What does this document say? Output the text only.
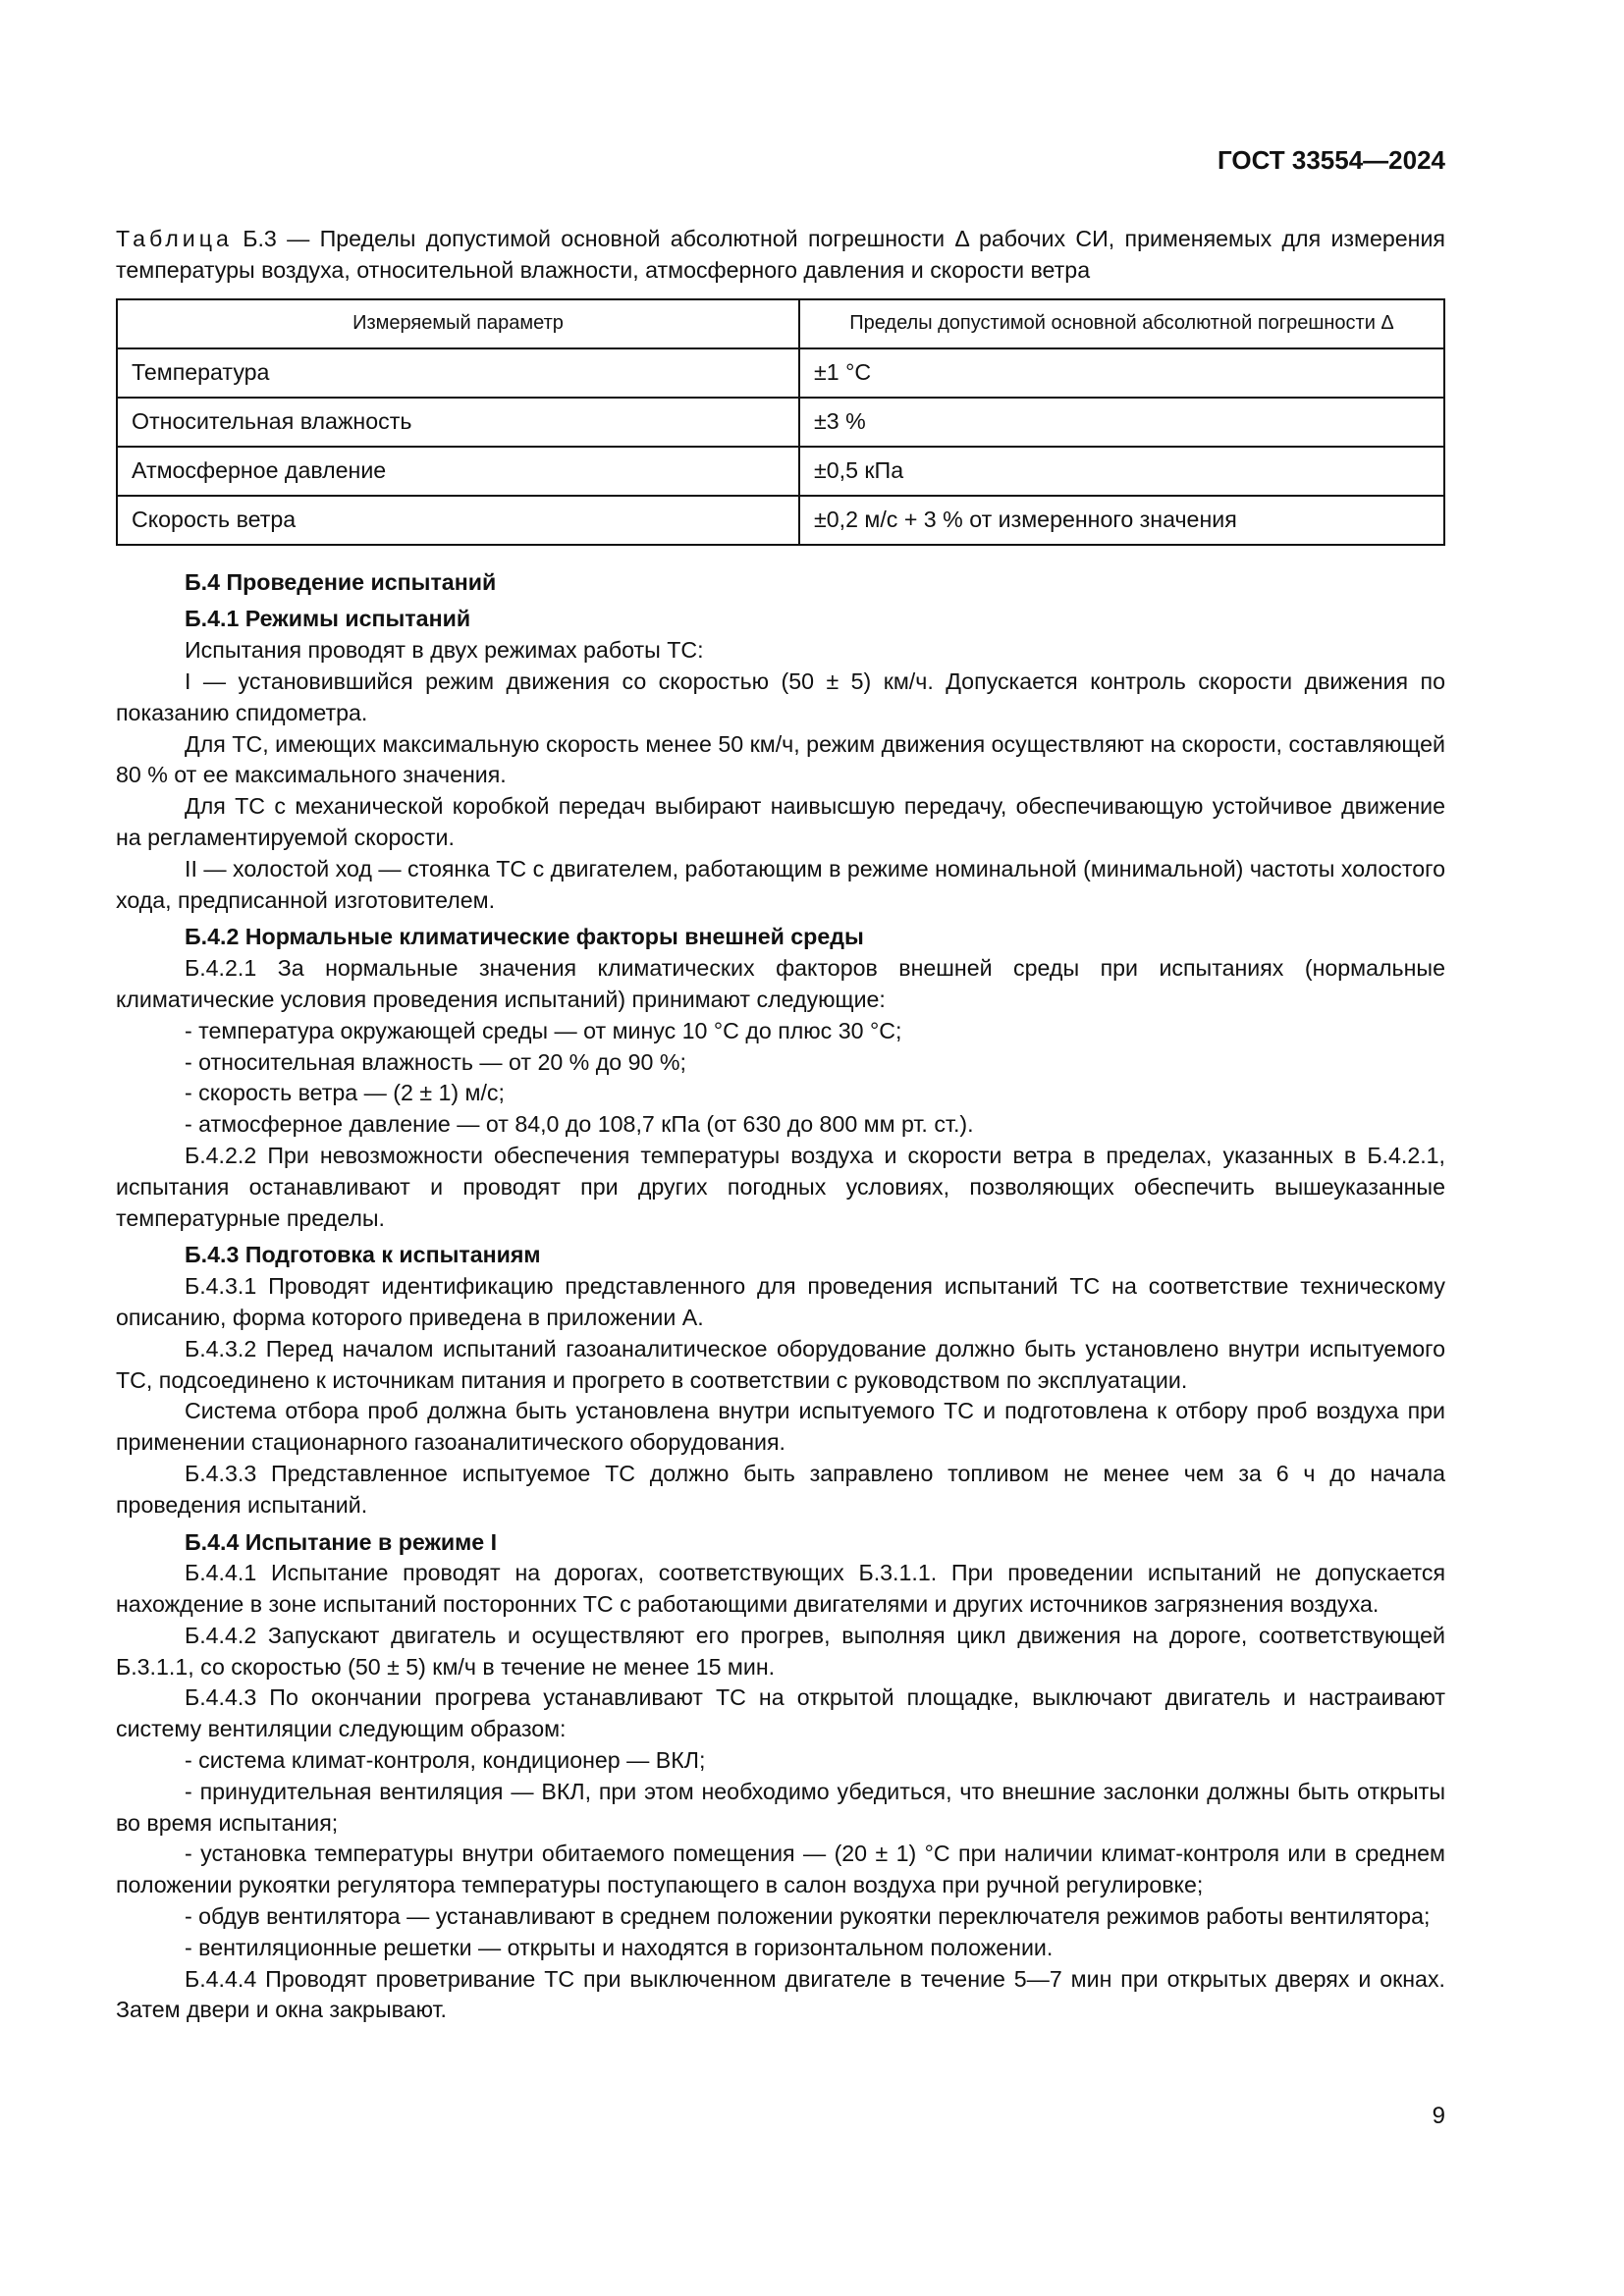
ГОСТ 33554—2024
Таблица Б.3 — Пределы допустимой основной абсолютной погрешности Δ рабочих СИ, применяемых для измерения температуры воздуха, относительной влажности, атмосферного давления и скорости ветра
Измеряемый параметр	Пределы допустимой основной абсолютной погрешности Δ
Температура	±1 °С
Относительная влажность	±3 %
Атмосферное давление	±0,5 кПа
Скорость ветра	±0,2 м/с + 3 % от измеренного значения
Б.4 Проведение испытаний
Б.4.1 Режимы испытаний
Испытания проводят в двух режимах работы ТС:
I — установившийся режим движения со скоростью (50 ± 5) км/ч. Допускается контроль скорости движения по показанию спидометра.
Для ТС, имеющих максимальную скорость менее 50 км/ч, режим движения осуществляют на скорости, составляющей 80 % от ее максимального значения.
Для ТС с механической коробкой передач выбирают наивысшую передачу, обеспечивающую устойчивое движение на регламентируемой скорости.
II — холостой ход — стоянка ТС с двигателем, работающим в режиме номинальной (минимальной) частоты холостого хода, предписанной изготовителем.
Б.4.2 Нормальные климатические факторы внешней среды
Б.4.2.1 За нормальные значения климатических факторов внешней среды при испытаниях (нормальные климатические условия проведения испытаний) принимают следующие:
- температура окружающей среды — от минус 10 °С до плюс 30 °С;
- относительная влажность — от 20 % до 90 %;
- скорость ветра — (2 ± 1) м/с;
- атмосферное давление — от 84,0 до 108,7 кПа (от 630 до 800 мм рт. ст.).
Б.4.2.2 При невозможности обеспечения температуры воздуха и скорости ветра в пределах, указанных в Б.4.2.1, испытания останавливают и проводят при других погодных условиях, позволяющих обеспечить вышеуказанные температурные пределы.
Б.4.3 Подготовка к испытаниям
Б.4.3.1 Проводят идентификацию представленного для проведения испытаний ТС на соответствие техническому описанию, форма которого приведена в приложении А.
Б.4.3.2 Перед началом испытаний газоаналитическое оборудование должно быть установлено внутри испытуемого ТС, подсоединено к источникам питания и прогрето в соответствии с руководством по эксплуатации.
Система отбора проб должна быть установлена внутри испытуемого ТС и подготовлена к отбору проб воздуха при применении стационарного газоаналитического оборудования.
Б.4.3.3 Представленное испытуемое ТС должно быть заправлено топливом не менее чем за 6 ч до начала проведения испытаний.
Б.4.4 Испытание в режиме I
Б.4.4.1 Испытание проводят на дорогах, соответствующих Б.3.1.1. При проведении испытаний не допускается нахождение в зоне испытаний посторонних ТС с работающими двигателями и других источников загрязнения воздуха.
Б.4.4.2 Запускают двигатель и осуществляют его прогрев, выполняя цикл движения на дороге, соответствующей Б.3.1.1, со скоростью (50 ± 5) км/ч в течение не менее 15 мин.
Б.4.4.3 По окончании прогрева устанавливают ТС на открытой площадке, выключают двигатель и настраивают систему вентиляции следующим образом:
- система климат-контроля, кондиционер — ВКЛ;
- принудительная вентиляция — ВКЛ, при этом необходимо убедиться, что внешние заслонки должны быть открыты во время испытания;
- установка температуры внутри обитаемого помещения — (20 ± 1) °С при наличии климат-контроля или в среднем положении рукоятки регулятора температуры поступающего в салон воздуха при ручной регулировке;
- обдув вентилятора — устанавливают в среднем положении рукоятки переключателя режимов работы вентилятора;
- вентиляционные решетки — открыты и находятся в горизонтальном положении.
Б.4.4.4 Проводят проветривание ТС при выключенном двигателе в течение 5—7 мин при открытых дверях и окнах. Затем двери и окна закрывают.
9
